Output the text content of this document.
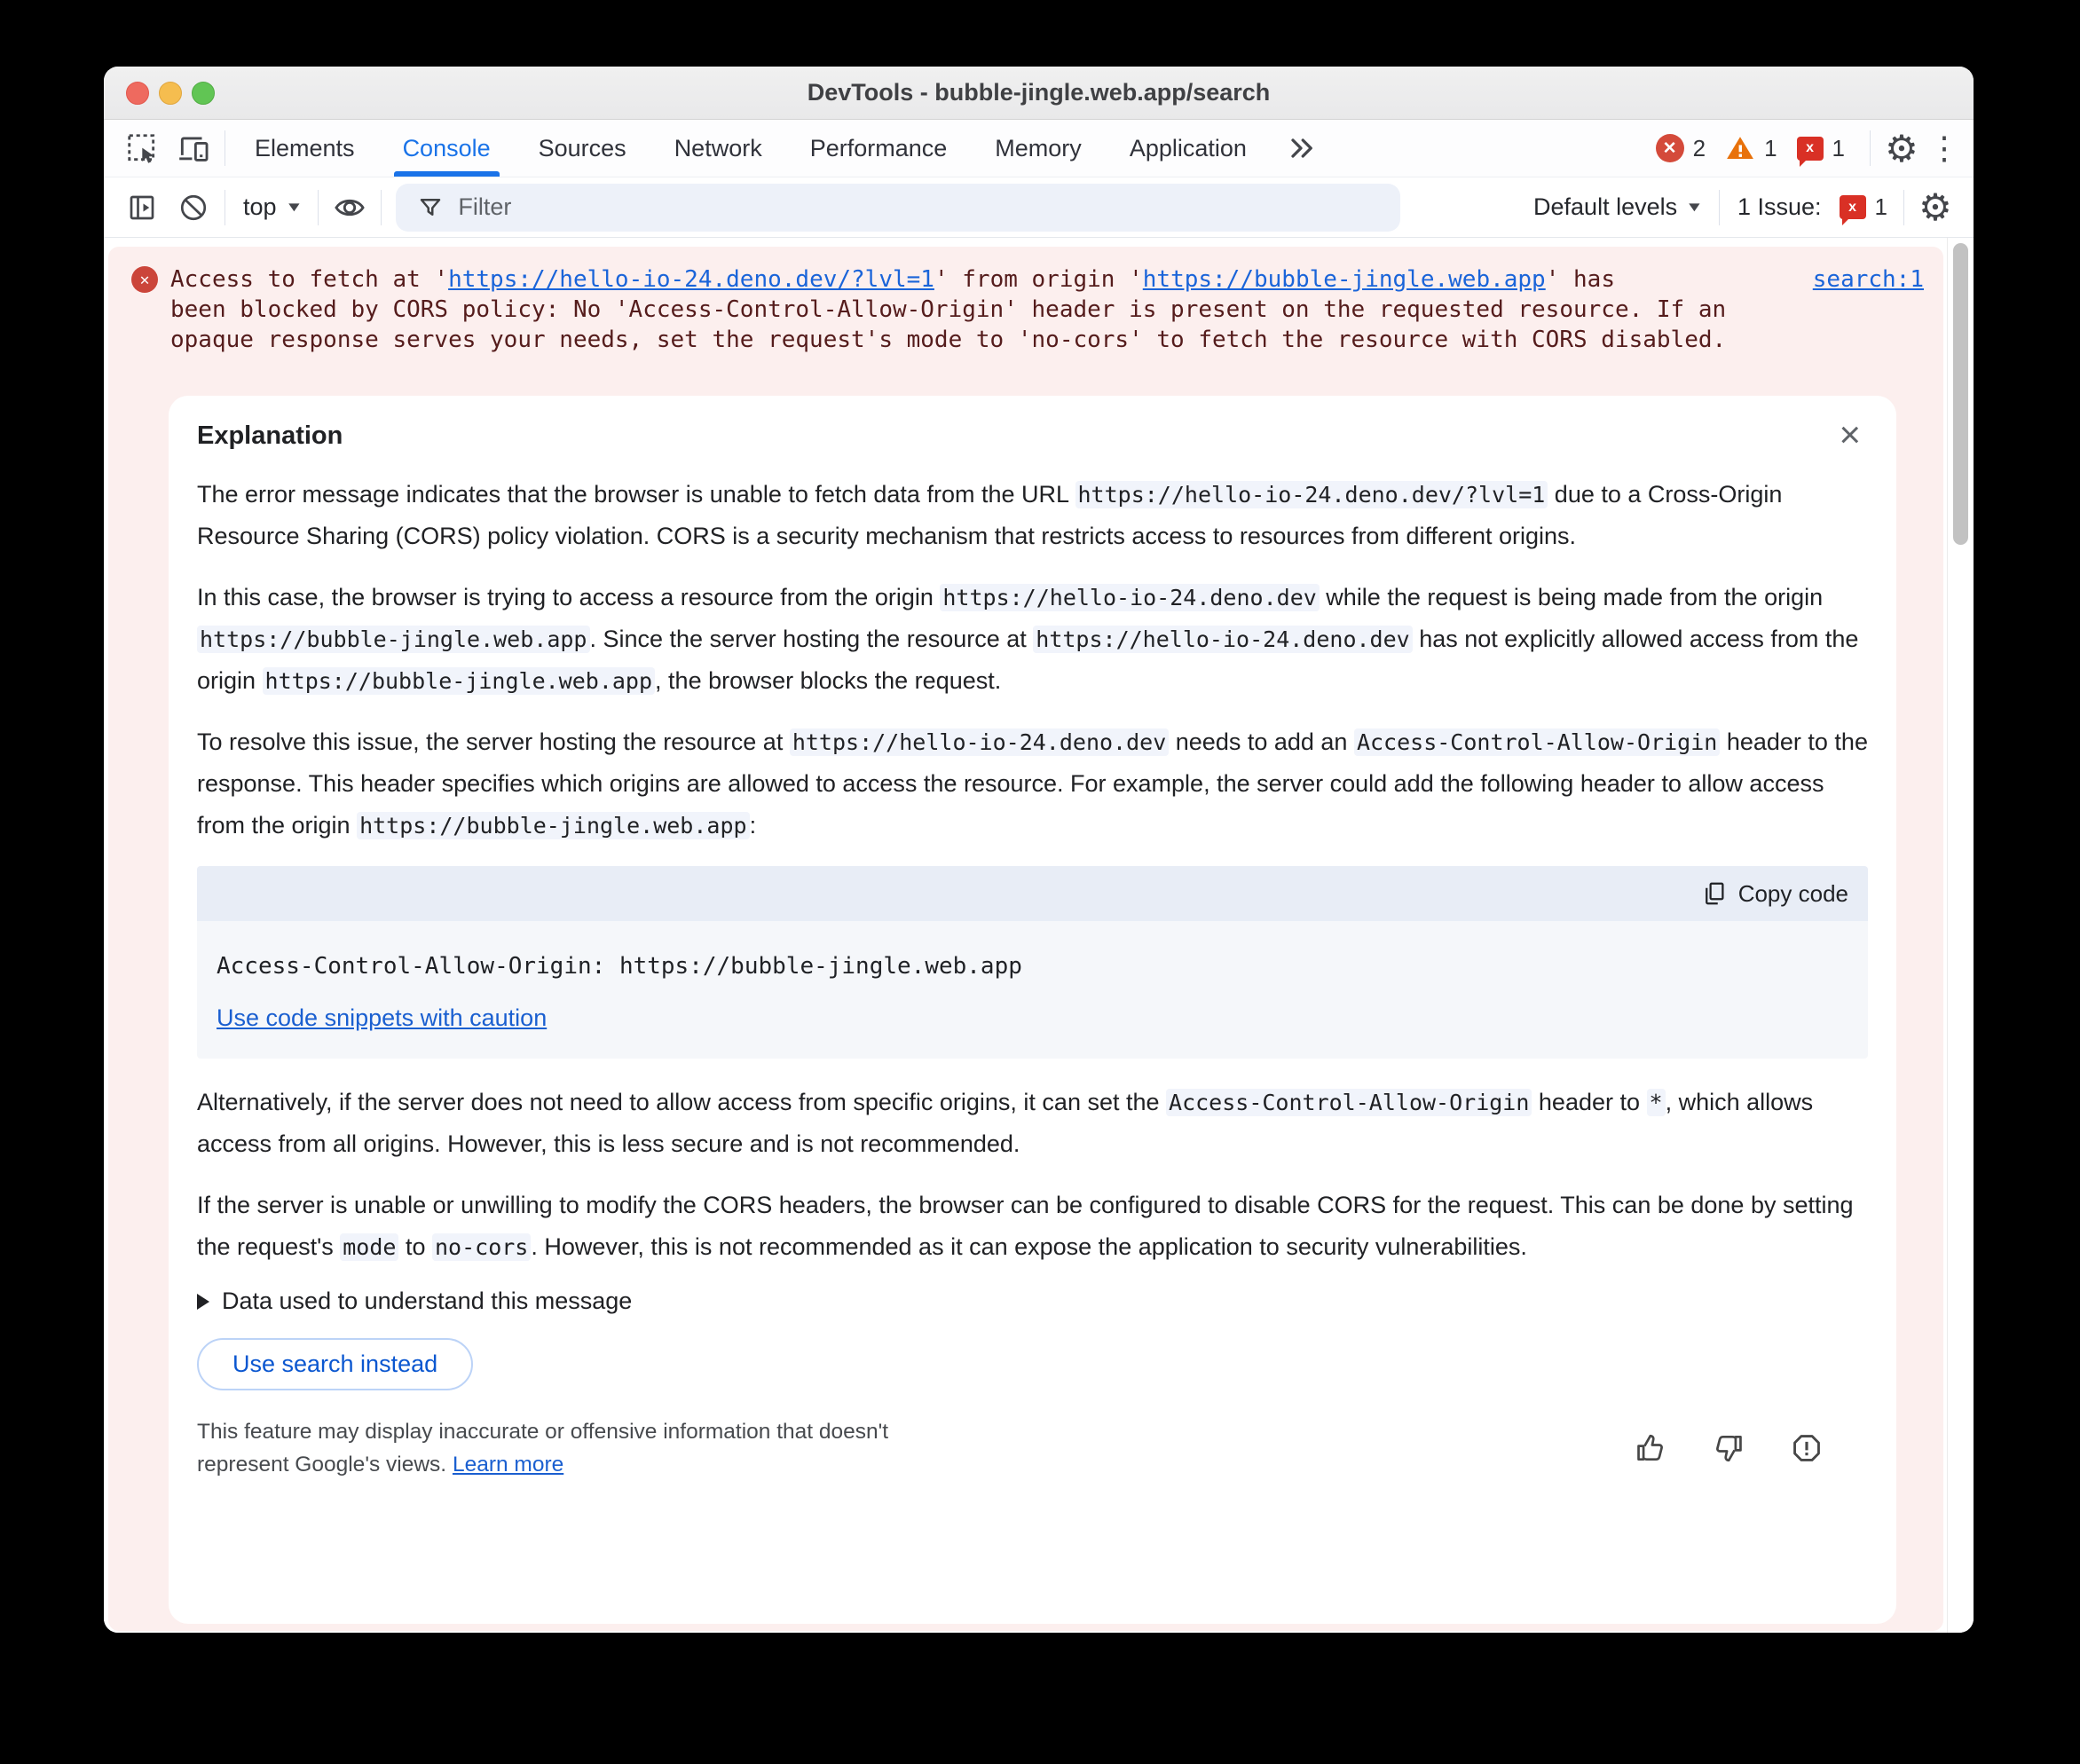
DevTools - bubble-jingle.web.app/search
Elements Console Sources Network Performance Memory Application	✕ 2	1	x 1 ⚙ ⋮
top ▼	Filter	Default levels ▼ 1 Issue:	x 1 ⚙
✕ Access to fetch at 'https://hello-io-24.deno.dev/?lvl=1' from origin 'https://bubble-jingle.web.app' has
been blocked by CORS policy: No 'Access-Control-Allow-Origin' header is present on the requested resource. If an
opaque response serves your needs, set the request's mode to 'no-cors' to fetch the resource with CORS disabled.
search:1
Explanation	×

The error message indicates that the browser is unable to fetch data from the URL https://hello-io-24.deno.dev/?lvl=1 due to a Cross-Origin Resource Sharing (CORS) policy violation. CORS is a security mechanism that restricts access to resources from different origins.

In this case, the browser is trying to access a resource from the origin https://hello-io-24.deno.dev while the request is being made from the origin https://bubble-jingle.web.app . Since the server hosting the resource at https://hello-io-24.deno.dev has not explicitly allowed access from the origin https://bubble-jingle.web.app , the browser blocks the request.

To resolve this issue, the server hosting the resource at https://hello-io-24.deno.dev needs to add an Access-Control-Allow-Origin header to the response. This header specifies which origins are allowed to access the resource. For example, the server could add the following header to allow access from the origin https://bubble-jingle.web.app :

Copy code
Access-Control-Allow-Origin: https://bubble-jingle.web.app
Use code snippets with caution

Alternatively, if the server does not need to allow access from specific origins, it can set the Access-Control-Allow-Origin header to * , which allows access from all origins. However, this is less secure and is not recommended.

If the server is unable or unwilling to modify the CORS headers, the browser can be configured to disable CORS for the request. This can be done by setting the request's mode to no-cors . However, this is not recommended as it can expose the application to security vulnerabilities.

Data used to understand this message
Use search instead
This feature may display inaccurate or offensive information that doesn't represent Google's views. Learn more
